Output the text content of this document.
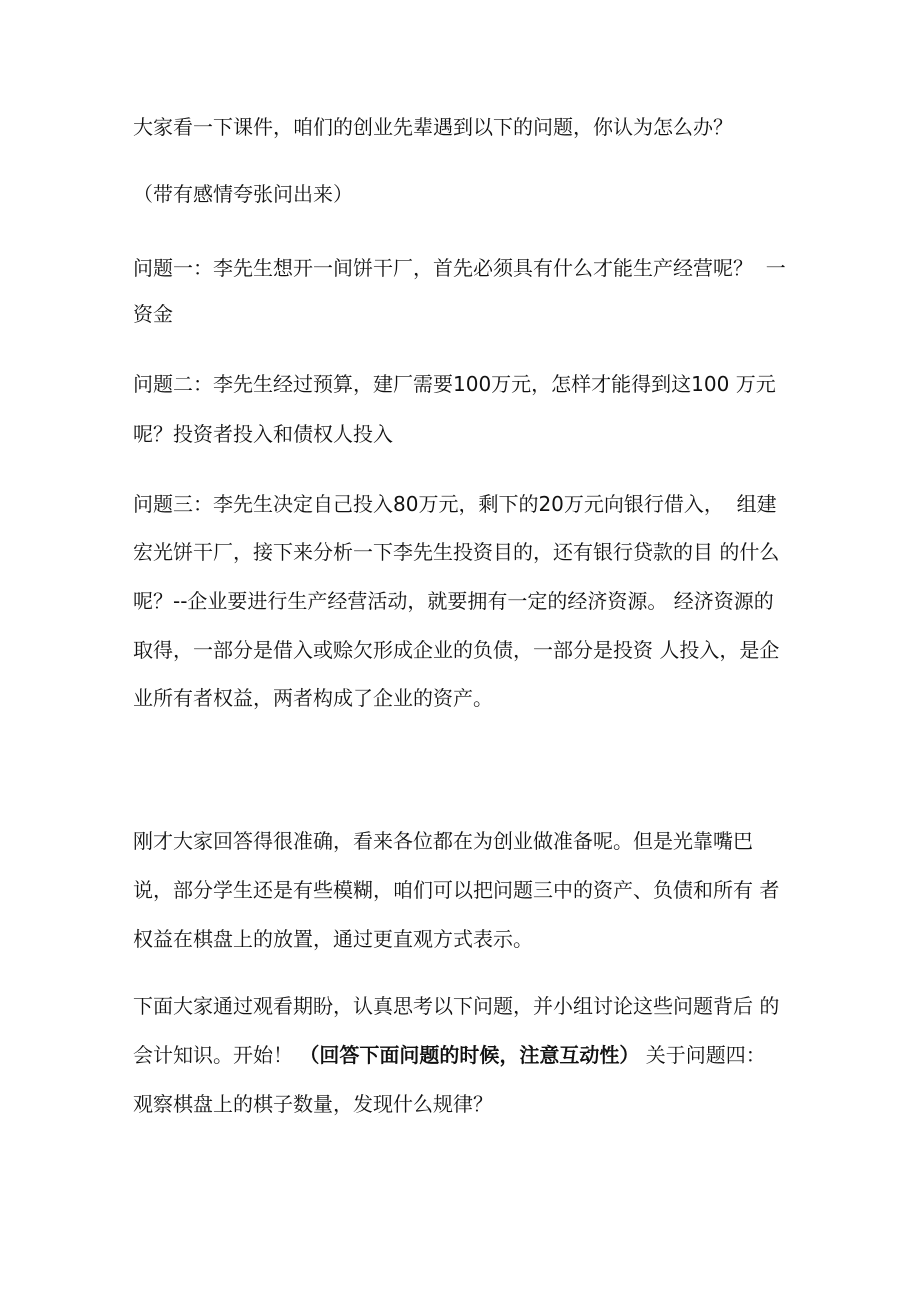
大家看一下课件，咱们的创业先辈遇到以下的问题，你认为怎么办？
（带有感情夸张问出来）
问题一：李先生想开一间饼干厂，首先必须具有什么才能生产经营呢？  一
资金
问题二：李先生经过预算，建厂需要100万元，怎样才能得到这100 万元
呢？投资者投入和债权人投入
问题三：李先生决定自己投入80万元，剩下的20万元向银行借入，  组建
宏光饼干厂，接下来分析一下李先生投资目的，还有银行贷款的目 的什么
呢？--企业要进行生产经营活动，就要拥有一定的经济资源。 经济资源的
取得，一部分是借入或赊欠形成企业的负债，一部分是投资 人投入，是企
业所有者权益，两者构成了企业的资产。
刚才大家回答得很准确，看来各位都在为创业做准备呢。但是光靠嘴巴
说，部分学生还是有些模糊，咱们可以把问题三中的资产、负债和所有 者
权益在棋盘上的放置，通过更直观方式表示。
下面大家通过观看期盼，认真思考以下问题，并小组讨论这些问题背后 的
会计知识。开始！ （回答下面问题的时候，注意互动性） 关于问题四：
观察棋盘上的棋子数量，发现什么规律？
